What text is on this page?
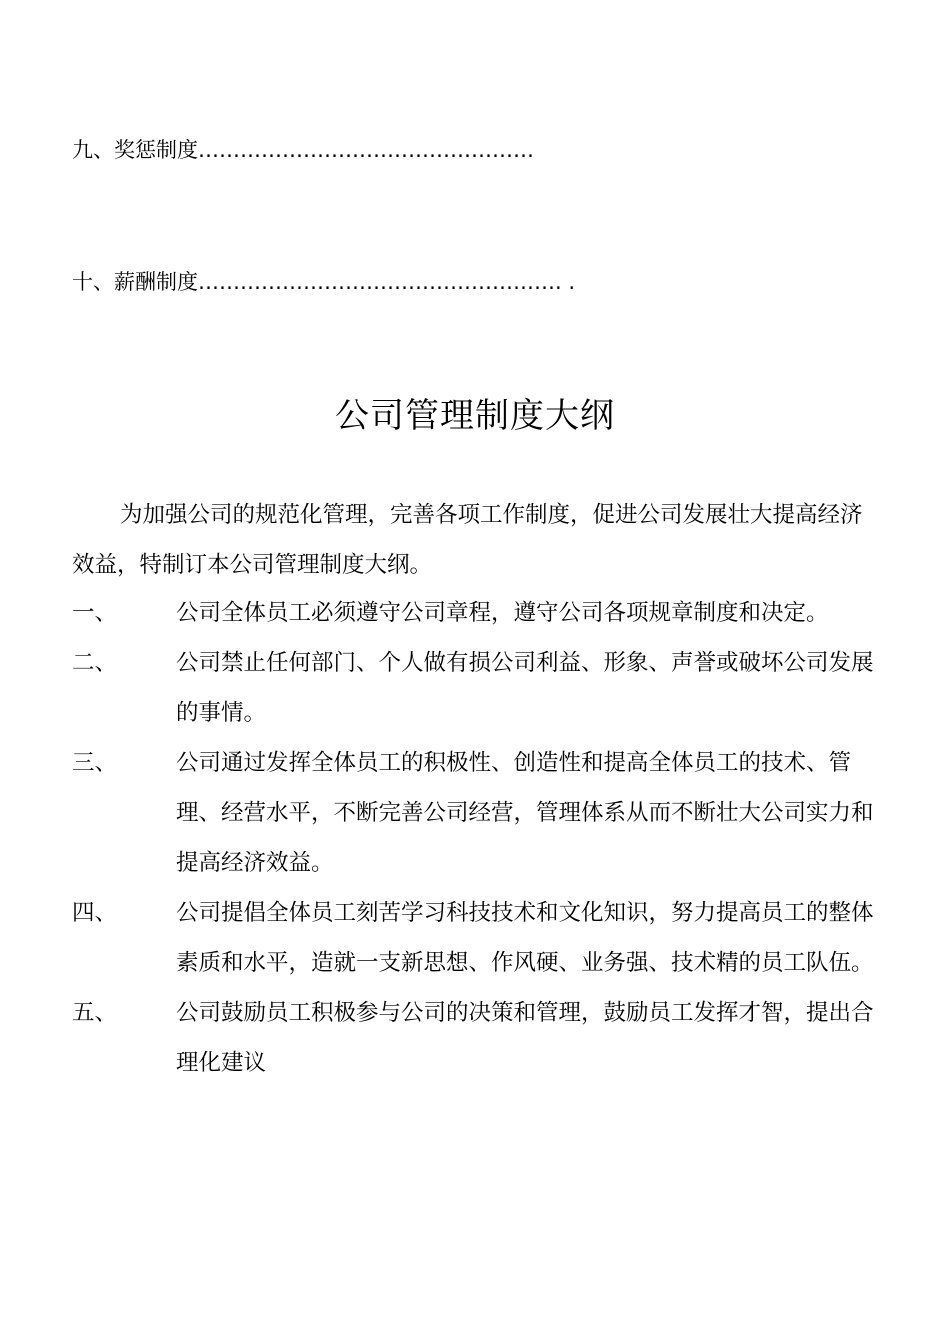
九、奖惩制度…………………………………………
十、薪酬制度……………………………………………. .
公司管理制度大纲
为加强公司的规范化管理，完善各项工作制度，促进公司发展壮大提高经济效益，特制订本公司管理制度大纲。
一、	公司全体员工必须遵守公司章程，遵守公司各项规章制度和决定。
二、	公司禁止任何部门、个人做有损公司利益、形象、声誉或破坏公司发展的事情。
三、	公司通过发挥全体员工的积极性、创造性和提高全体员工的技术、管理、经营水平，不断完善公司经营，管理体系从而不断壮大公司实力和提高经济效益。
四、	公司提倡全体员工刻苦学习科技技术和文化知识，努力提高员工的整体素质和水平，造就一支新思想、作风硬、业务强、技术精的员工队伍。
五、	公司鼓励员工积极参与公司的决策和管理，鼓励员工发挥才智，提出合理化建议
